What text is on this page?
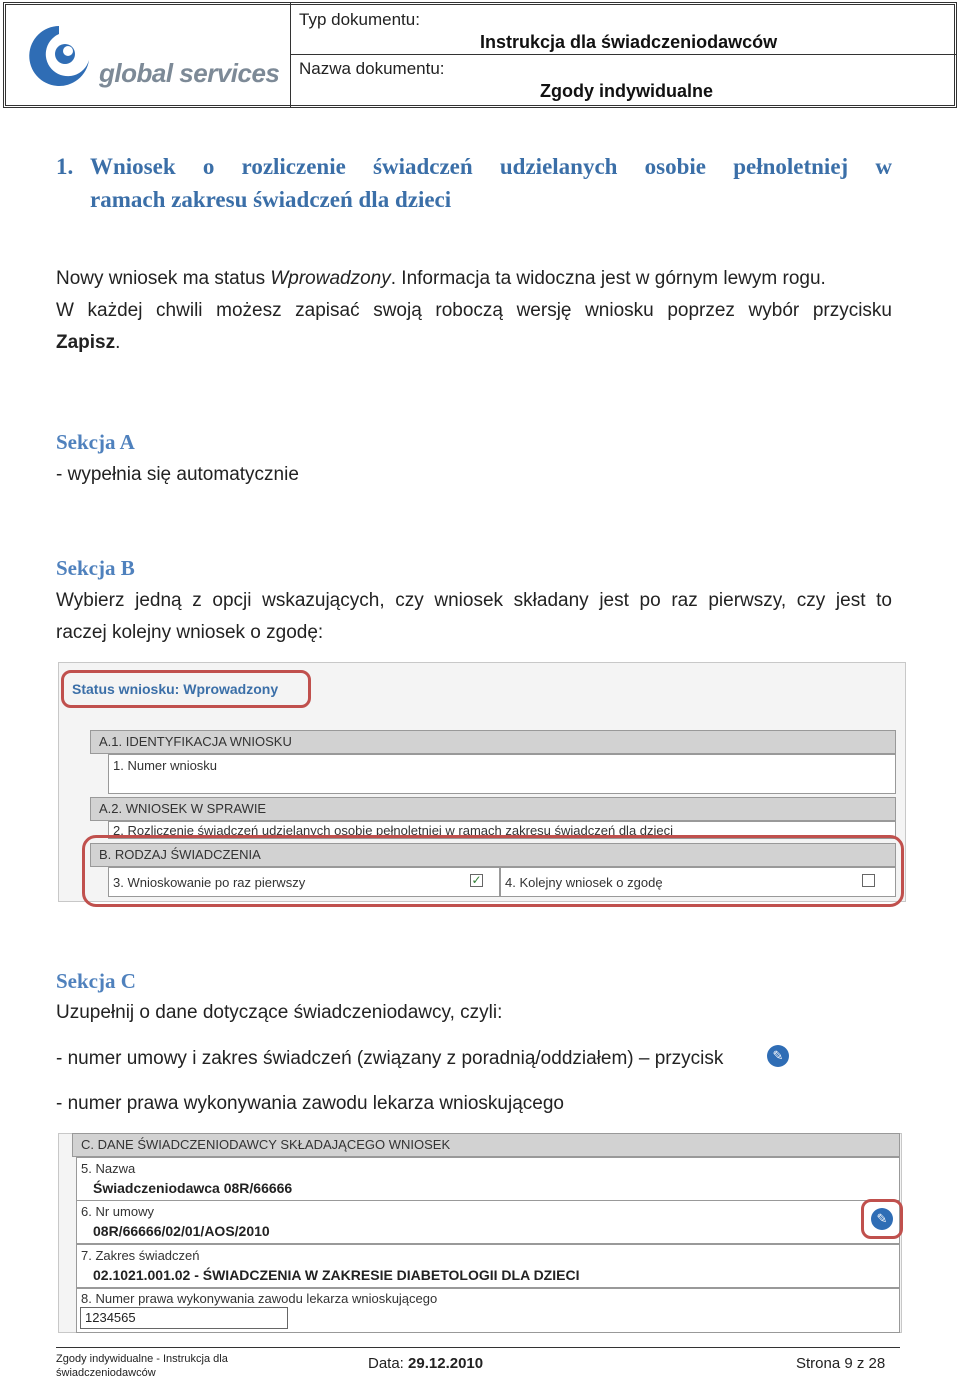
global services
Typ dokumentu:
Instrukcja dla świadczeniodawców
Nazwa dokumentu:
Zgody indywidualne
1. Wniosek o rozliczenie świadczeń udzielanych osobie pełnoletniej w
ramach zakresu świadczeń dla dzieci
Nowy wniosek ma status Wprowadzony. Informacja ta widoczna jest w górnym lewym rogu.
W każdej chwili możesz zapisać swoją roboczą wersję wniosku poprzez wybór przycisku
Zapisz.
Sekcja A
- wypełnia się automatycznie
Sekcja B
Wybierz jedną z opcji wskazujących, czy wniosek składany jest po raz pierwszy, czy jest to
raczej kolejny wniosek o zgodę:
Status wniosku: Wprowadzony
A.1. IDENTYFIKACJA WNIOSKU
1. Numer wniosku
A.2. WNIOSEK W SPRAWIE
2. Rozliczenie świadczeń udzielanych osobie pełnoletniej w ramach zakresu świadczeń dla dzieci
B. RODZAJ ŚWIADCZENIA
3. Wnioskowanie po raz pierwszy	✓	4. Kolejny wniosek o zgodę
Sekcja C
Uzupełnij o dane dotyczące świadczeniodawcy, czyli:
- numer umowy i zakres świadczeń (związany z poradnią/oddziałem) – przycisk	✎
- numer prawa wykonywania zawodu lekarza wnioskującego
C. DANE ŚWIADCZENIODAWCY SKŁADAJĄCEGO WNIOSEK
5. Nazwa
Świadczeniodawca 08R/66666
6. Nr umowy
08R/66666/02/01/AOS/2010
✎
7. Zakres świadczeń
02.1021.001.02 - ŚWIADCZENIA W ZAKRESIE DIABETOLOGII DLA DZIECI
8. Numer prawa wykonywania zawodu lekarza wnioskującego
1234565
Zgody indywidualne - Instrukcja dla
świadczeniodawców
Data: 29.12.2010	Strona 9 z 28
